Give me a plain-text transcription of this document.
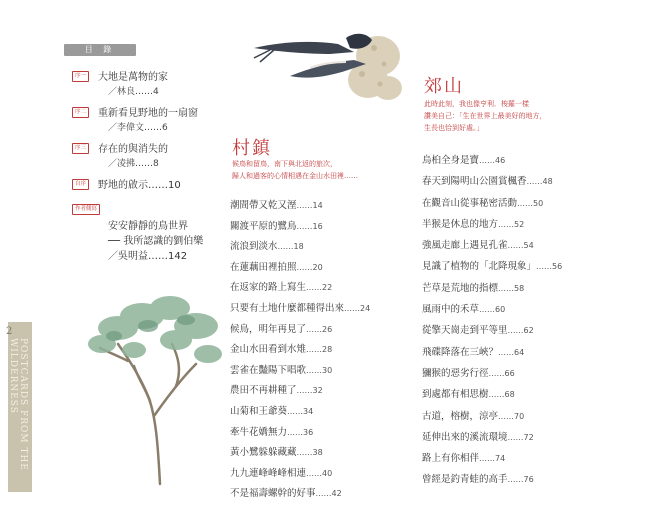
目 錄
序一	大地是萬物的家
／林良……4
序二	重新看見野地的一扇窗
／李偉文……6
序三	存在的與消失的
／凌拂……8
自序	野地的啟示……10
作者側寫
安安靜靜的鳥世界
── 我所認識的劉伯樂
／吳明益……142
2
POSTCARDS FROM THE WILDERNESS
村鎮
候鳥和留鳥，南下與北返的旅次，
歸人和過客的心情相遇在金山水田裡……
潮間帶又乾又溼……14
關渡平原的鷺鳥……16
流浪到淡水……18
在蓮藕田裡拍照……20
在返家的路上寫生……22
只要有土地什麼都種得出來……24
候鳥，明年再見了……26
金山水田看到水雉……28
雲雀在豔陽下唱歌……30
農田不再耕種了……32
山菊和王爺葵……34
牽牛花嬌無力……36
黃小鷺躲躲藏藏……38
九九連峰峰峰相連……40
不是福壽螺幹的好事……42
郊山
此時此刻，我也像亨利．梭羅一樣
讚美自己：「生在世界上最美好的地方，
生長也恰到好處。」
烏桕全身是寶……46
春天到陽明山公園賞楓香……48
在觀音山從事秘密活動……50
半猴是休息的地方……52
強風走廊上遇見孔雀……54
見識了植物的「北降現象」……56
芒草是荒地的指標……58
風雨中的禾草……60
從擎天崗走到平等里……62
飛碟降落在三峽？……64
獼猴的惡劣行徑……66
到處都有相思樹……68
古道，榕樹，涼亭……70
延伸出來的溪流環境……72
路上有你相伴……74
曾經是釣青蛙的高手……76
